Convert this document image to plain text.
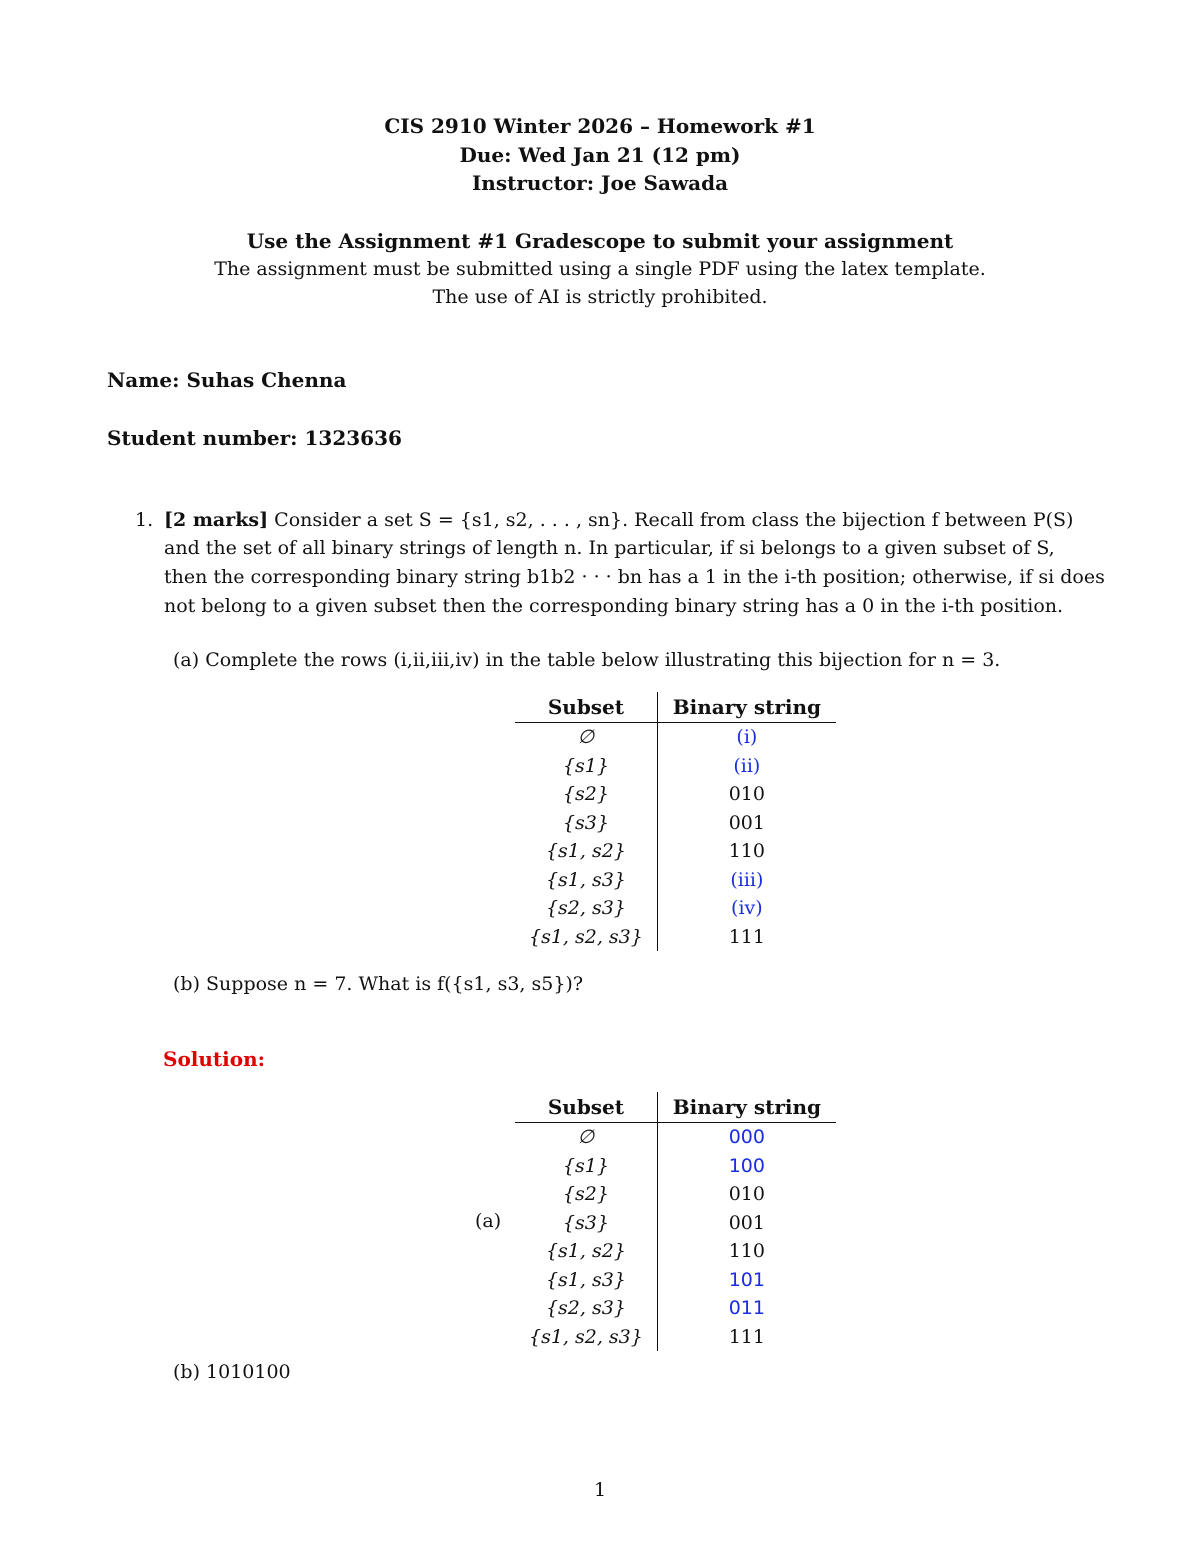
CIS 2910 Winter 2026 – Homework #1
Due: Wed Jan 21 (12 pm)
Instructor: Joe Sawada
Use the Assignment #1 Gradescope to submit your assignment
The assignment must be submitted using a single PDF using the latex template.
The use of AI is strictly prohibited.
Name: Suhas Chenna
Student number: 1323636
1. [2 marks] Consider a set S = {s1, s2, . . . , sn}. Recall from class the bijection f between P(S)
and the set of all binary strings of length n. In particular, if si belongs to a given subset of S,
then the corresponding binary string b1b2 · · · bn has a 1 in the i-th position; otherwise, if si does
not belong to a given subset then the corresponding binary string has a 0 in the i-th position.
(a) Complete the rows (i,ii,iii,iv) in the table below illustrating this bijection for n = 3.
Subset	Binary string
∅	(i)
{s1}	(ii)
{s2}	010
{s3}	001
{s1, s2}	110
{s1, s3}	(iii)
{s2, s3}	(iv)
{s1, s2, s3}	111
(b) Suppose n = 7. What is f({s1, s3, s5})?
Solution:
Subset	Binary string
∅	000
{s1}	100
{s2}	010
{s3}	001
{s1, s2}	110
{s1, s3}	101
{s2, s3}	011
{s1, s2, s3}	111
(a)
(b) 1010100
1
